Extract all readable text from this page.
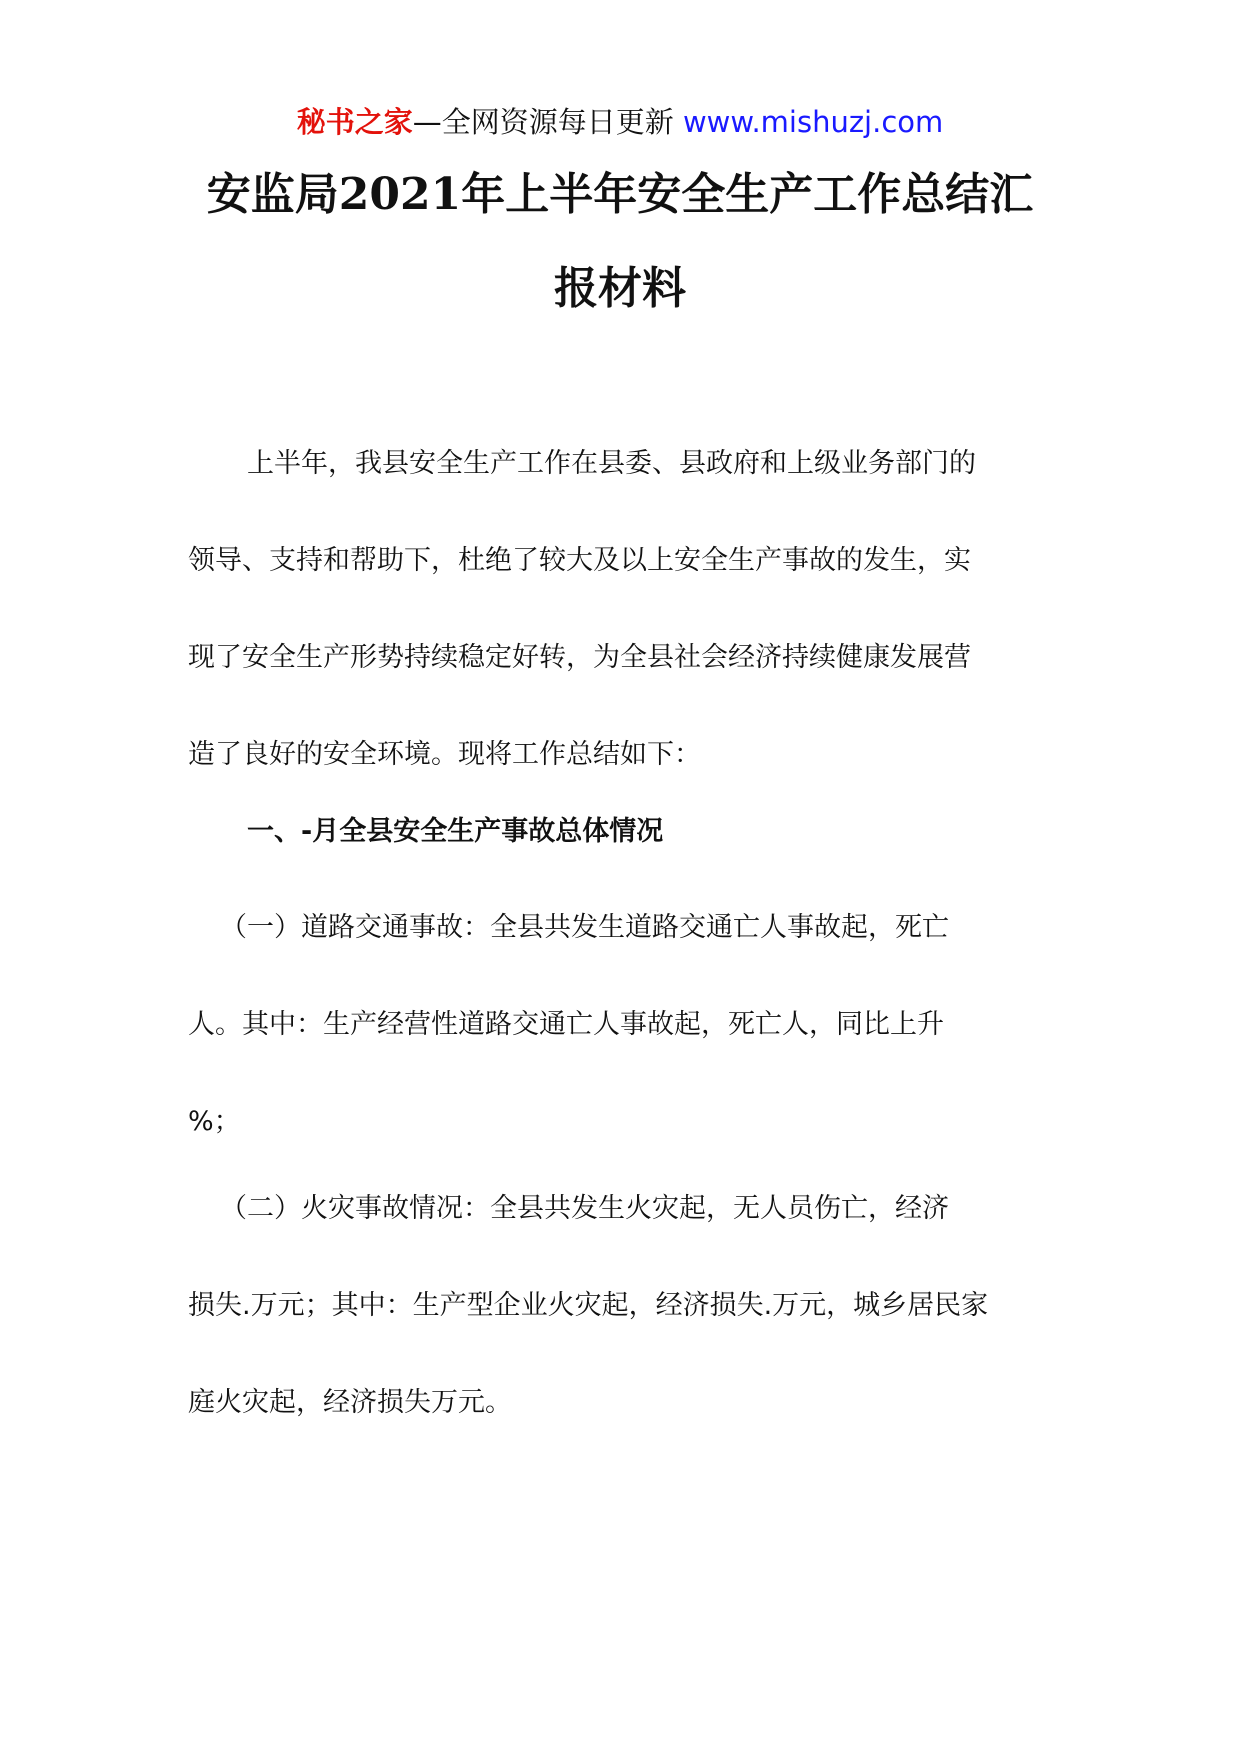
秘书之家—全网资源每日更新 www.mishuzj.com
安监局2021年上半年安全生产工作总结汇
报材料
上半年，我县安全生产工作在县委、县政府和上级业务部门的
领导、支持和帮助下，杜绝了较大及以上安全生产事故的发生，实
现了安全生产形势持续稳定好转，为全县社会经济持续健康发展营
造了良好的安全环境。现将工作总结如下：
一、-月全县安全生产事故总体情况
（一）道路交通事故：全县共发生道路交通亡人事故起，死亡
人。其中：生产经营性道路交通亡人事故起，死亡人，同比上升
%；
（二）火灾事故情况：全县共发生火灾起，无人员伤亡，经济
损失.万元；其中：生产型企业火灾起，经济损失.万元，城乡居民家
庭火灾起，经济损失万元。
